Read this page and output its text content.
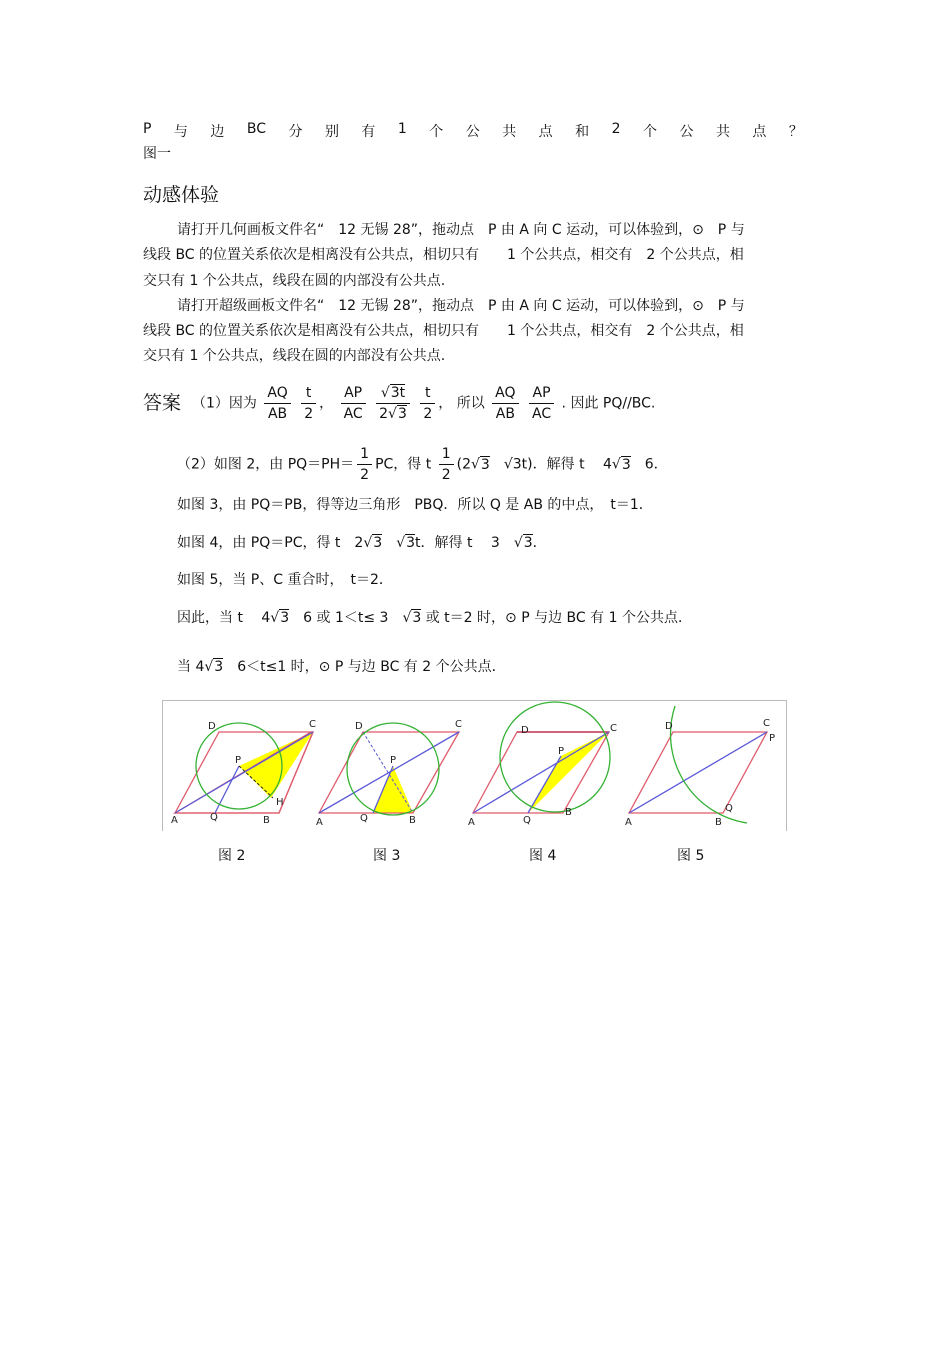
P 与 边 BC 分 别 有 1 个 公 共 点 和 2 个 公 共 点 ？
图一
动感体验
请打开几何画板文件名“　12 无锡 28”，拖动点　P 由 A 向 C 运动，可以体验到，⊙　P 与
线段 BC 的位置关系依次是相离没有公共点，相切只有　　1 个公共点，相交有　2 个公共点，相
交只有 1 个公共点，线段在圆的内部没有公共点.
请打开超级画板文件名“　12 无锡 28”，拖动点　P 由 A 向 C 运动，可以体验到，⊙　P 与
线段 BC 的位置关系依次是相离没有公共点，相切只有　　1 个公共点，相交有　2 个公共点，相
交只有 1 个公共点，线段在圆的内部没有公共点.
答案 （1）因为 $\frac{AQ}{AB}$
$\frac{t}{2}$ ， $\frac{AP}{AC}$
$\frac{√3t}{2√3}$
$\frac{t}{2}$ ， 所以 $\frac{AQ}{AB}$
$\frac{AP}{AC}$ . 因此 PQ//BC.
（2）如图 2，由 $PQ=PH= \frac{1}{2}$ PC，得 t $\frac{1}{2} (2√3$　 √3t)．解得 t　 4√3　6．
如图 3，由 PQ＝PB，得等边三角形　PBQ．所以 Q 是 AB 的中点，　t＝1．
如图 4，由 PQ＝PC，得 t　2√3　 √3t．解得 t　 3　√3．
如图 5，当 P、C 重合时，　t＝2．
因此，当 t　 4√3　6 或 1＜t≤ 3　√3 或 t＝2 时，⊙ P 与边 BC 有 1 个公共点．
当 4√3　6＜t≤1 时，⊙ P 与边 BC 有 2 个公共点．
D	C
P
H
A	Q	B
D	C
P
A	Q	B
D	C
P
A	Q
B
D	C
P
Q
A	B
图 2	图 3	图 4	图 5
